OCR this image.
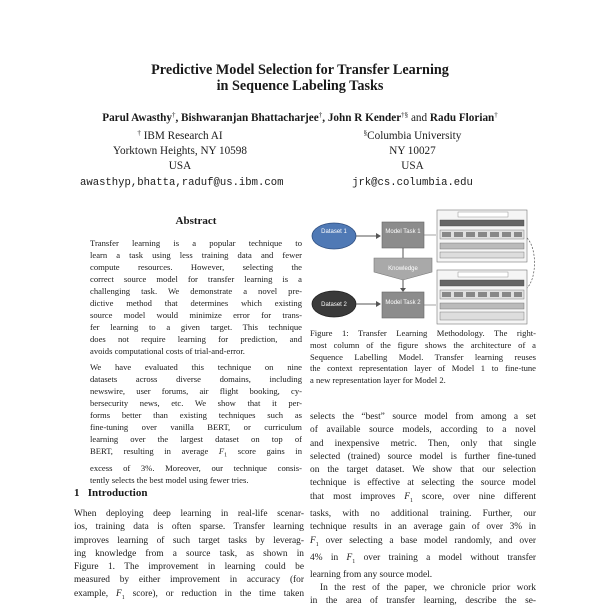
Predictive Model Selection for Transfer Learning
in Sequence Labeling Tasks
Parul Awasthy†, Bishwaranjan Bhattacharjee†, John R Kender†§ and Radu Florian†
† IBM Research AI
Yorktown Heights, NY 10598
USA
awasthyp,bhatta,raduf@us.ibm.com
§Columbia University
NY 10027
USA
jrk@cs.columbia.edu
Abstract
Transfer learning is a popular technique to
learn a task using less training data and fewer
compute resources. However, selecting the
correct source model for transfer learning is a
challenging task. We demonstrate a novel pre-
dictive method that determines which existing
source model would minimize error for trans-
fer learning to a given target. This technique
does not require learning for prediction, and
avoids computational costs of trial-and-error.
We have evaluated this technique on nine
datasets across diverse domains, including
newswire, user forums, air flight booking, cy-
bersecurity news, etc. We show that it per-
forms better than existing techniques such as
fine-tuning over vanilla BERT, or curriculum
learning over the largest dataset on top of
BERT, resulting in average $F_1$ score gains in
excess of 3%. Moreover, our technique consis-
tently selects the best model using fewer tries.
1 Introduction
When deploying deep learning in real-life scenar-
ios, training data is often sparse. Transfer learning
improves learning of such target tasks by leverag-
ing knowledge from a source task, as shown in
Figure 1. The improvement in learning could be
measured by either improvement in accuracy (for
example, $F_1$ score), or reduction in the time taken
Dataset 1
Dataset 2
Model Task 1
Knowledge
Model Task 2
Figure 1: Transfer Learning Methodology. The right-
most column of the figure shows the architecture of a
Sequence Labelling Model. Transfer learning reuses
the context representation layer of Model 1 to fine-tune
a new representation layer for Model 2.
selects the “best” source model from among a set
of available source models, according to a novel
and inexpensive metric. Then, only that single
selected (trained) source model is further fine-tuned
on the target dataset. We show that our selection
technique is effective at selecting the source model
that most improves $F_1$ score, over nine different
tasks, with no additional training. Further, our
technique results in an average gain of over 3% in
$F_1$ over selecting a base model randomly, and over
4% in $F_1$ over training a model without transfer
learning from any source model.
In the rest of the paper, we chronicle prior work
in the area of transfer learning, describe the se-
